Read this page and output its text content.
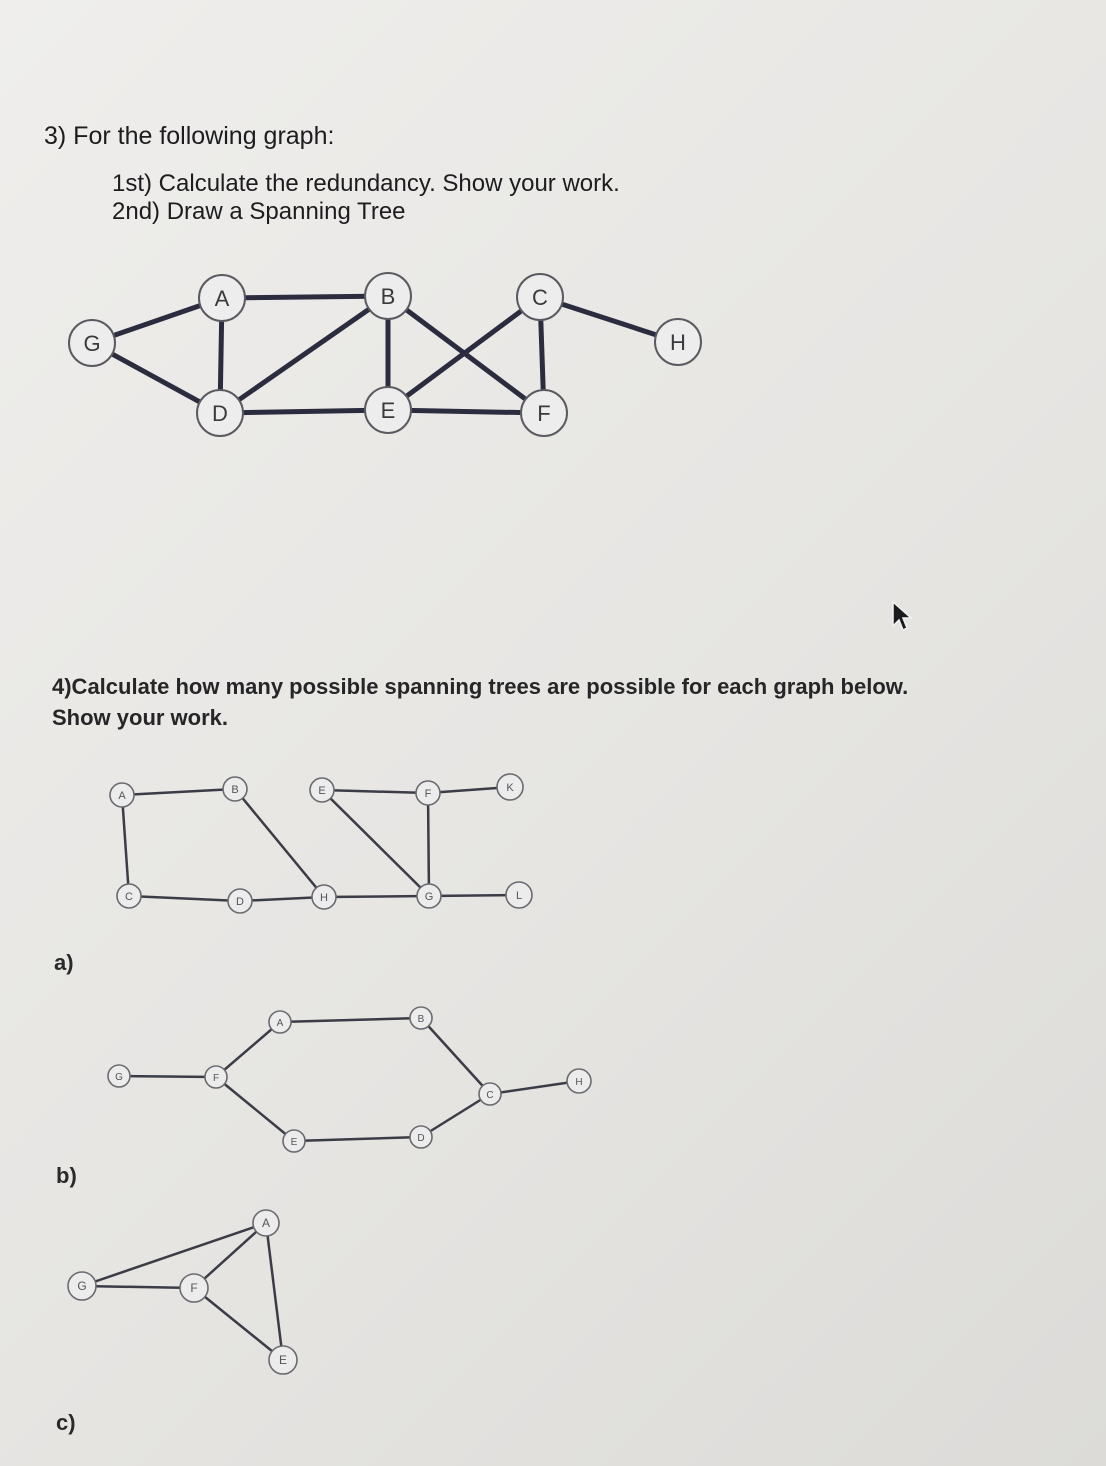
3) For the following graph:

1st) Calculate the redundancy. Show your work.

2nd) Draw a Spanning Tree

G
A
D
B
E
C
F
H
A	B
C	D
E
H
F
G
K
L
G	F
A
E
B
D
C
H
G	F
A
E

4)Calculate how many possible spanning trees are possible for each graph below.

Show your work.

a)
b)
c)
